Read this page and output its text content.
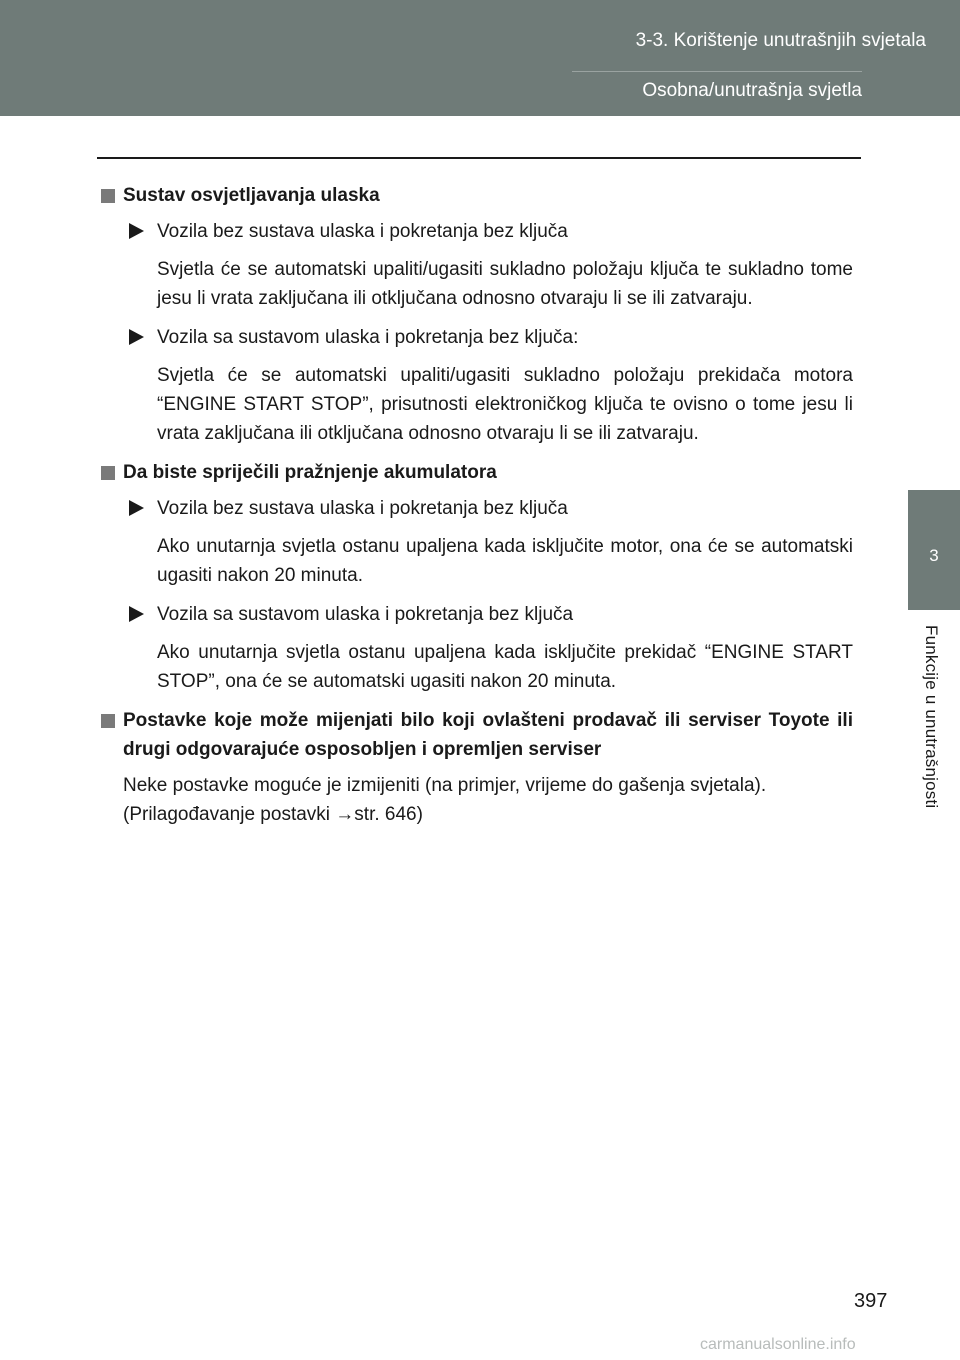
3-3. Korištenje unutrašnjih svjetala
Osobna/unutrašnja svjetla
3
Funkcije u unutrašnjosti
Sustav osvjetljavanja ulaska
Vozila bez sustava ulaska i pokretanja bez ključa
Svjetla će se automatski upaliti/ugasiti sukladno položaju ključa te sukladno tome jesu li vrata zaključana ili otključana odnosno otvaraju li se ili zatvaraju.
Vozila sa sustavom ulaska i pokretanja bez ključa:
Svjetla će se automatski upaliti/ugasiti sukladno položaju prekidača motora “ENGINE START STOP”, prisutnosti elektroničkog ključa te ovisno o tome jesu li vrata zaključana ili otključana odnosno otvaraju li se ili zatvaraju.
Da biste spriječili pražnjenje akumulatora
Vozila bez sustava ulaska i pokretanja bez ključa
Ako unutarnja svjetla ostanu upaljena kada isključite motor, ona će se automatski ugasiti nakon 20 minuta.
Vozila sa sustavom ulaska i pokretanja bez ključa
Ako unutarnja svjetla ostanu upaljena kada isključite prekidač “ENGINE START STOP”, ona će se automatski ugasiti nakon 20 minuta.
Postavke koje može mijenjati bilo koji ovlašteni prodavač ili serviser Toyote ili drugi odgovarajuće osposobljen i opremljen serviser
Neke postavke moguće je izmijeniti (na primjer, vrijeme do gašenja svjetala).
(Prilagođavanje postavki →str. 646)
397
carmanualsonline.info
